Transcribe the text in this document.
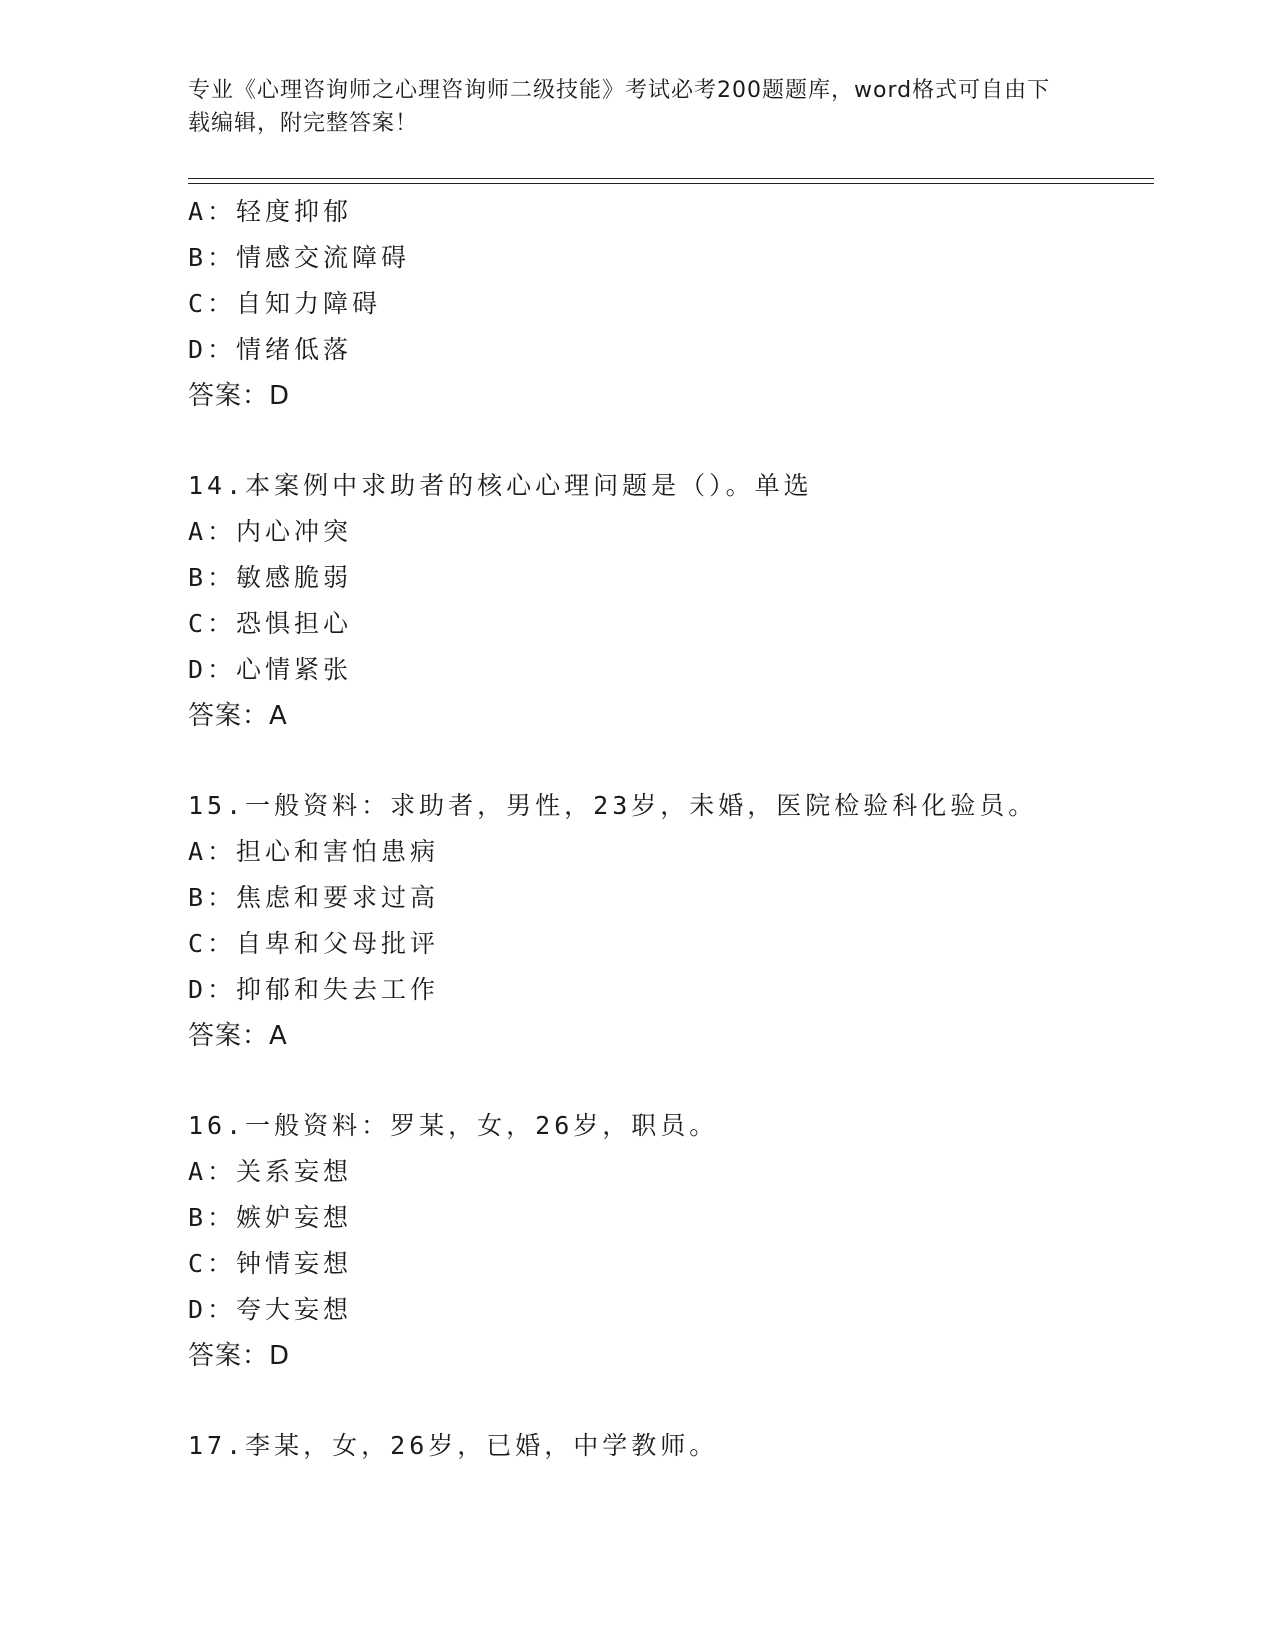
专业《心理咨询师之心理咨询师二级技能》考试必考200题题库，word格式可自由下载编辑，附完整答案！
A：轻度抑郁
B：情感交流障碍
C：自知力障碍
D：情绪低落
答案：D
14.本案例中求助者的核心心理问题是（）。单选
A：内心冲突
B：敏感脆弱
C：恐惧担心
D：心情紧张
答案：A
15.一般资料：求助者，男性，23岁，未婚，医院检验科化验员。
A：担心和害怕患病
B：焦虑和要求过高
C：自卑和父母批评
D：抑郁和失去工作
答案：A
16.一般资料：罗某，女，26岁，职员。
A：关系妄想
B：嫉妒妄想
C：钟情妄想
D：夸大妄想
答案：D
17.李某，女，26岁，已婚，中学教师。
